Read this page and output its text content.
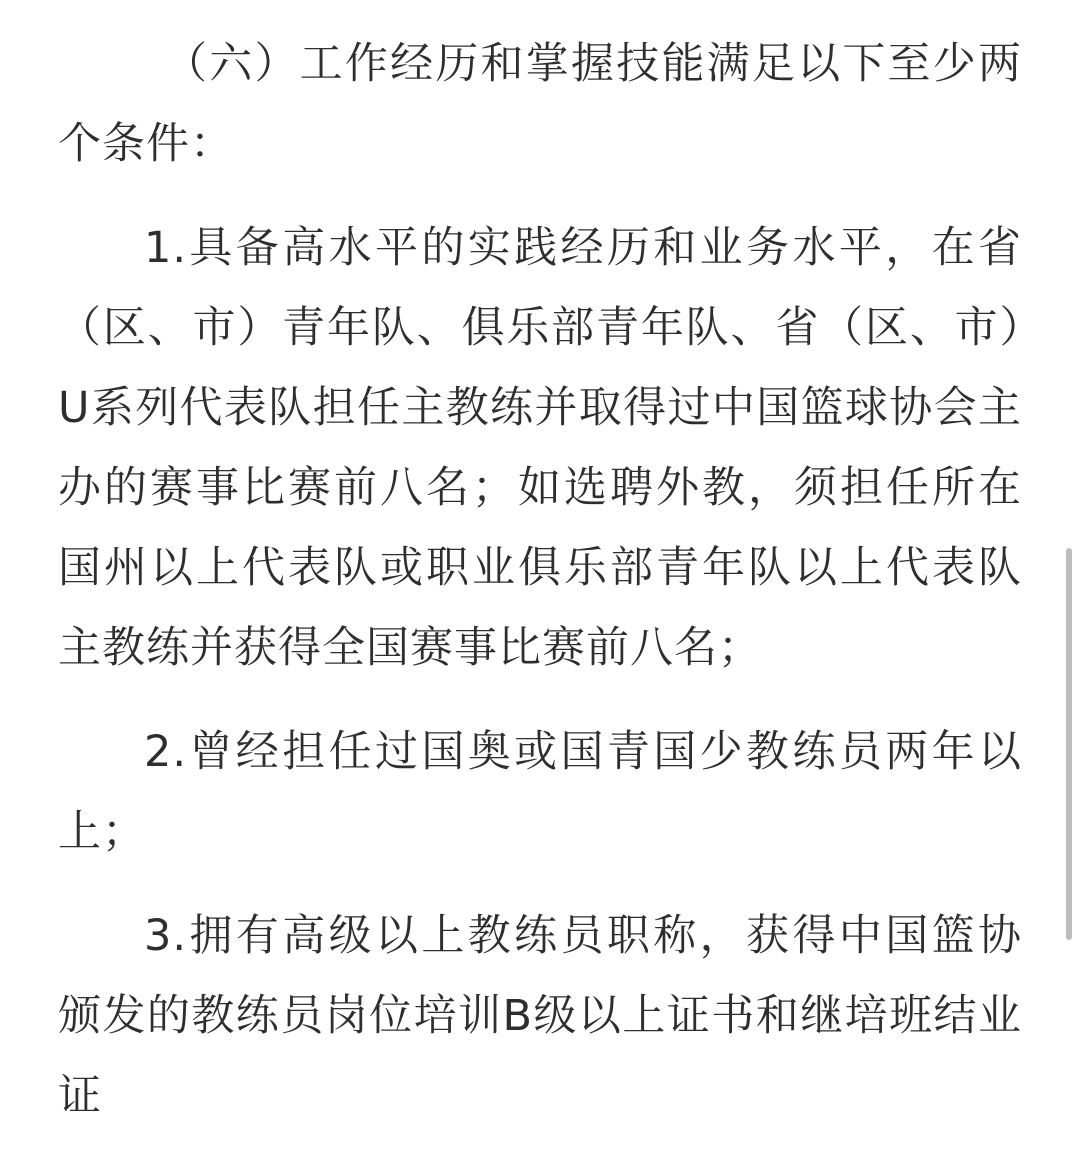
（六）工作经历和掌握技能满足以下至少两个条件：

1.具备高水平的实践经历和业务水平，在省（区、市）青年队、俱乐部青年队、省（区、市）U系列代表队担任主教练并取得过中国篮球协会主办的赛事比赛前八名；如选聘外教，须担任所在国州以上代表队或职业俱乐部青年队以上代表队主教练并获得全国赛事比赛前八名；

2.曾经担任过国奥或国青国少教练员两年以上；

3.拥有高级以上教练员职称，获得中国篮协颁发的教练员岗位培训B级以上证书和继培班结业证
